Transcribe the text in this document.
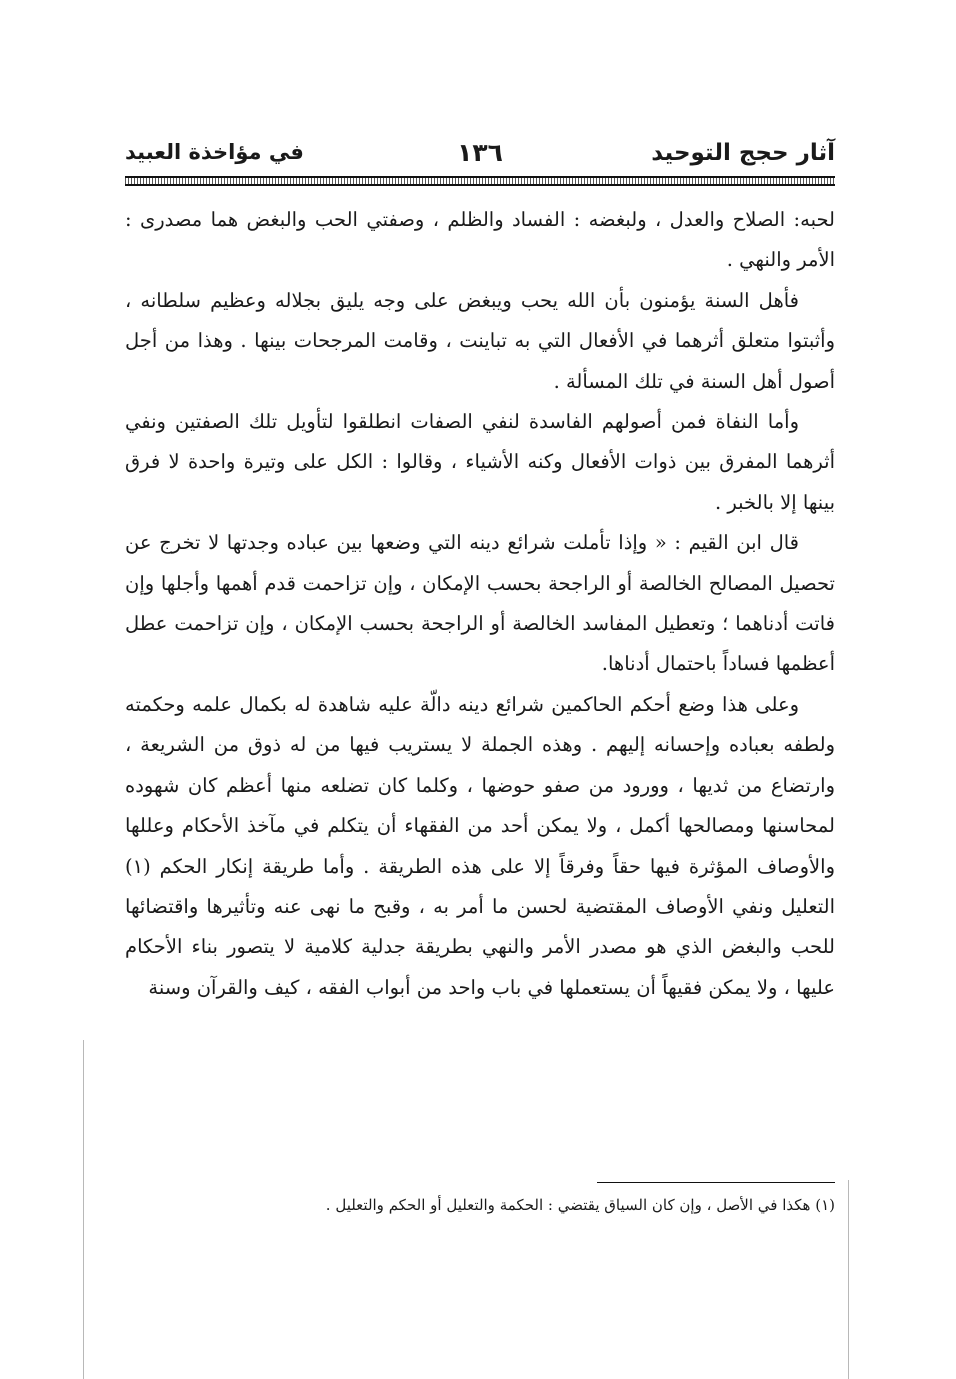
آثار حجج التوحيد
١٣٦
في مؤاخذة العبيد

لحبه: الصلاح والعدل ، ولبغضه : الفساد والظلم ، وصفتي الحب والبغض هما مصدرى : الأمر والنهي .

فأهل السنة يؤمنون بأن الله يحب ويبغض على وجه يليق بجلاله وعظيم سلطانه ، وأثبتوا متعلق أثرهما في الأفعال التي به تباينت ، وقامت المرجحات بينها . وهذا من أجل أصول أهل السنة في تلك المسألة .

وأما النفاة فمن أصولهم الفاسدة لنفي الصفات انطلقوا لتأويل تلك الصفتين ونفي أثرهما المفرق بين ذوات الأفعال وكنه الأشياء ، وقالوا : الكل على وتيرة واحدة لا فرق بينها إلا بالخبر .

قال ابن القيم : « وإذا تأملت شرائع دينه التي وضعها بين عباده وجدتها لا تخرج عن تحصيل المصالح الخالصة أو الراجحة بحسب الإمكان ، وإن تزاحمت قدم أهمها وأجلها وإن فاتت أدناهما ؛ وتعطيل المفاسد الخالصة أو الراجحة بحسب الإمكان ، وإن تزاحمت عطل أعظمها فساداً باحتمال أدناها.

وعلى هذا وضع أحكم الحاكمين شرائع دينه دالّة عليه شاهدة له بكمال علمه وحكمته ولطفه بعباده وإحسانه إليهم . وهذه الجملة لا يستريب فيها من له ذوق من الشريعة ، وارتضاع من ثديها ، وورود من صفو حوضها ، وكلما كان تضلعه منها أعظم كان شهوده لمحاسنها ومصالحها أكمل ، ولا يمكن أحد من الفقهاء أن يتكلم في مآخذ الأحكام وعللها والأوصاف المؤثرة فيها حقاً وفرقاً إلا على هذه الطريقة . وأما طريقة إنكار الحكم (١) التعليل ونفي الأوصاف المقتضية لحسن ما أمر به ، وقبح ما نهى عنه وتأثيرها واقتضائها للحب والبغض الذي هو مصدر الأمر والنهي بطريقة جدلية كلامية لا يتصور بناء الأحكام عليها ، ولا يمكن فقيهاً أن يستعملها في باب واحد من أبواب الفقه ، كيف والقرآن وسنة

(١) هكذا في الأصل ، وإن كان السياق يقتضي : الحكمة والتعليل أو الحكم والتعليل .
